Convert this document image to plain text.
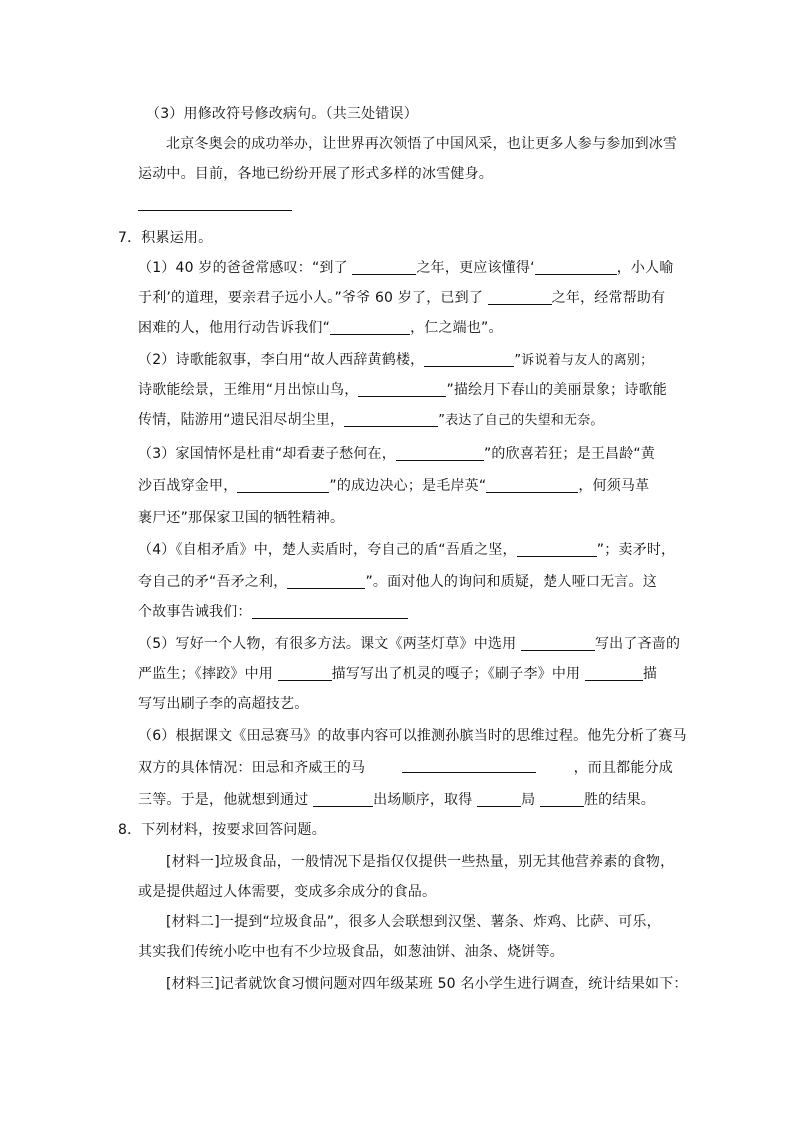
（3）用修改符号修改病句。（共三处错误）
北京冬奥会的成功举办，让世界再次领悟了中国风采，也让更多人参与参加到冰雪
运动中。目前，各地已纷纷开展了形式多样的冰雪健身。
7．积累运用。
（1）40 岁的爸爸常感叹：“到了	之年，更应该懂得‘	，小人喻
于利’的道理，要亲君子远小人。”爷爷 60 岁了，已到了	之年，经常帮助有
困难的人，他用行动告诉我们“	，仁之端也”。
（2）诗歌能叙事，李白用“故人西辞黄鹤楼，	”诉说着与友人的离别；
诗歌能绘景，王维用“月出惊山鸟，	”描绘月下春山的美丽景象；诗歌能
传情，陆游用“遗民泪尽胡尘里，	”表达了自己的失望和无奈。
（3）家国情怀是杜甫“却看妻子愁何在，	”的欣喜若狂；是王昌龄“黄
沙百战穿金甲，	”的成边决心；是毛岸英“	，何须马革
裹尸还”那保家卫国的牺牲精神。
（4）《自相矛盾》中，楚人卖盾时，夸自己的盾“吾盾之坚，	”；卖矛时，
夸自己的矛“吾矛之利，	”。面对他人的询问和质疑，楚人哑口无言。这
个故事告诫我们：
（5）写好一个人物，有很多方法。课文《两茎灯草》中选用	写出了吝啬的
严监生；《摔跤》中用	描写写出了机灵的嘎子；《刷子李》中用	描
写写出刷子李的高超技艺。
（6）根据课文《田忌赛马》的故事内容可以推测孙膑当时的思维过程。他先分析了赛马
双方的具体情况：田忌和齐威王的马	，而且都能分成
三等。于是，他就想到通过	出场顺序，取得	局	胜的结果。
8．下列材料，按要求回答问题。
[材料一]垃圾食品，一般情况下是指仅仅提供一些热量，别无其他营养素的食物，
或是提供超过人体需要，变成多余成分的食品。
[材料二]一提到“垃圾食品”，很多人会联想到汉堡、薯条、炸鸡、比萨、可乐，
其实我们传统小吃中也有不少垃圾食品，如葱油饼、油条、烧饼等。
[材料三]记者就饮食习惯问题对四年级某班 50 名小学生进行调查，统计结果如下：
